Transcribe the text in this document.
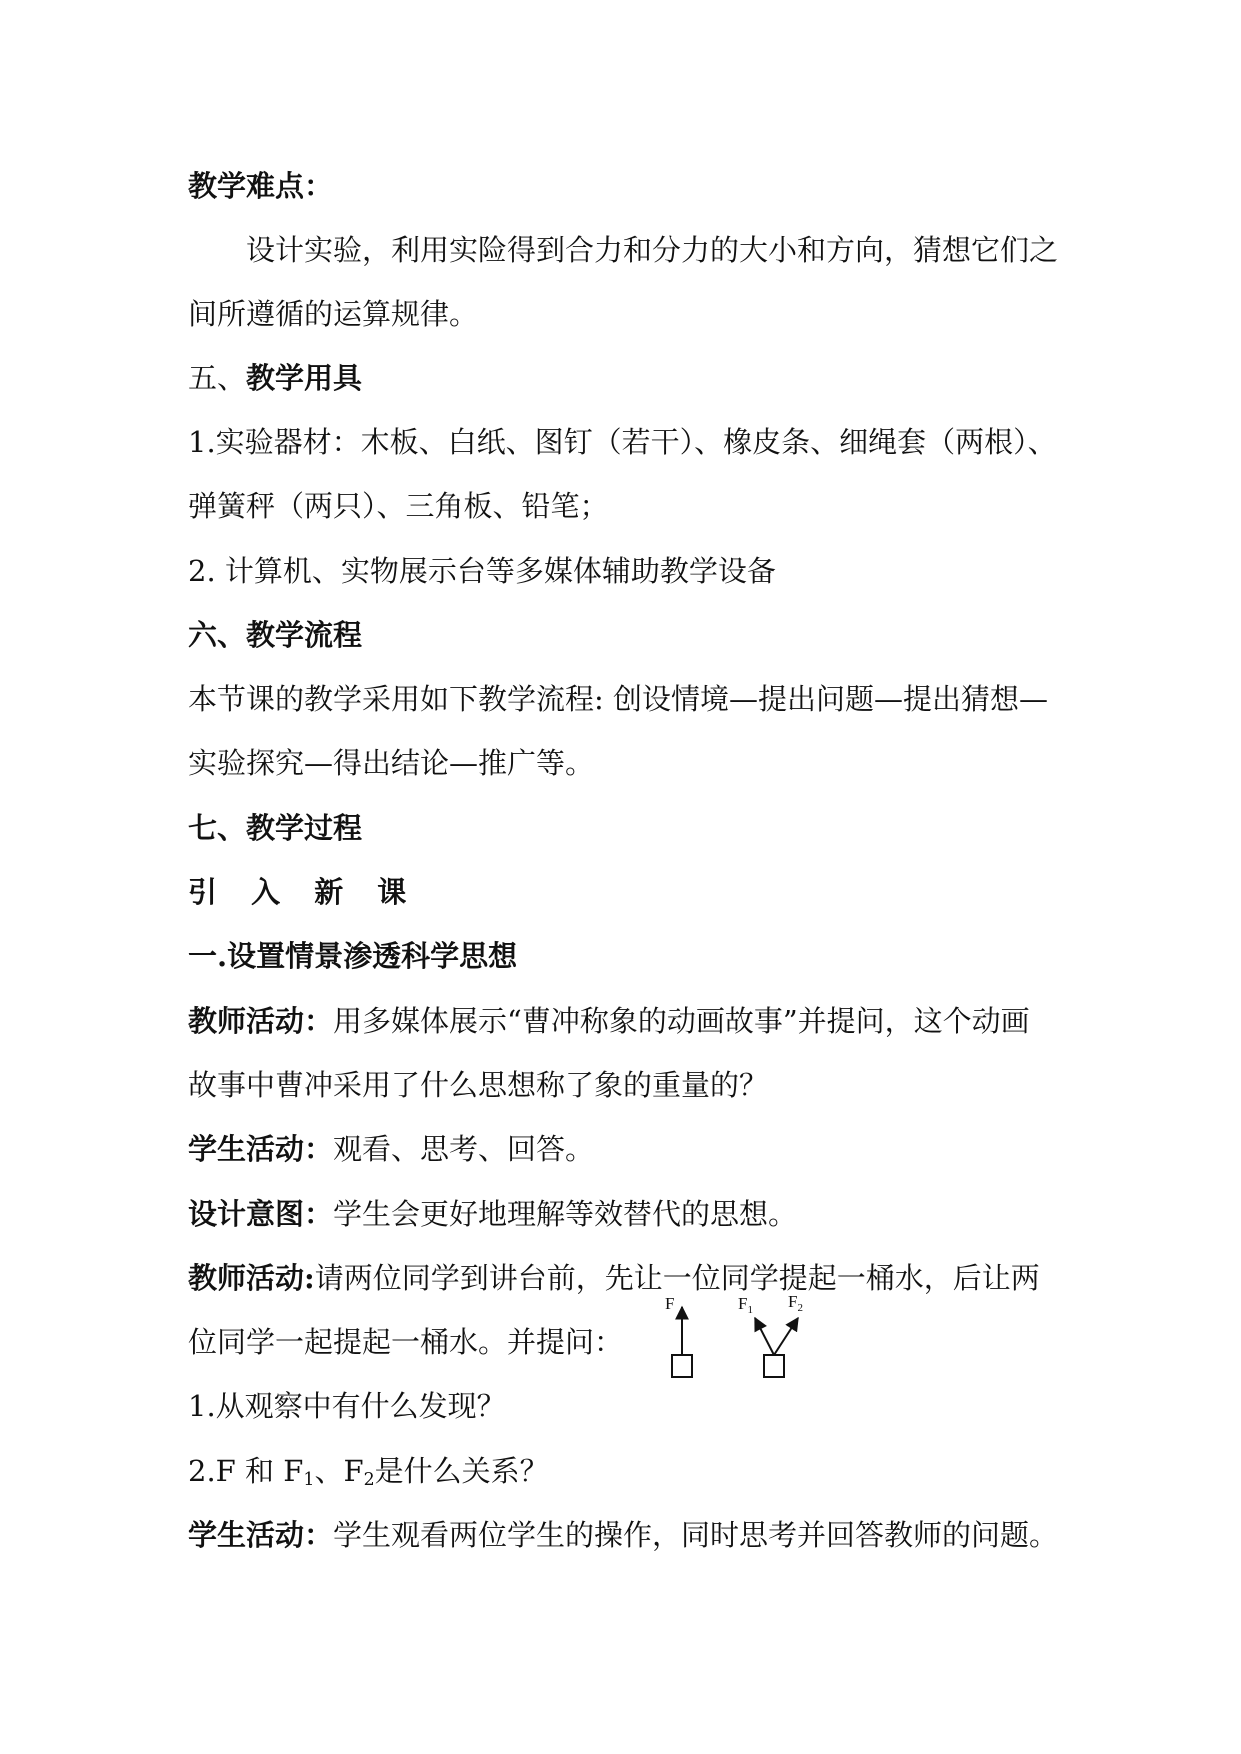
教学难点：

设计实验，利用实险得到合力和分力的大小和方向，猜想它们之

间所遵循的运算规律。

五、教学用具

1.实验器材：木板、白纸、图钉（若干）、橡皮条、细绳套（两根）、

弹簧秤（两只）、三角板、铅笔；

2. 计算机、实物展示台等多媒体辅助教学设备

六、教学流程

本节课的教学采用如下教学流程: 创设情境—提出问题—提出猜想—

实验探究—得出结论—推广等。

七、教学过程

引 入 新 课

一.设置情景渗透科学思想

教师活动：用多媒体展示“曹冲称象的动画故事”并提问，这个动画

故事中曹冲采用了什么思想称了象的重量的？

学生活动：观看、思考、回答。

设计意图：学生会更好地理解等效替代的思想。

教师活动:请两位同学到讲台前，先让一位同学提起一桶水，后让两

位同学一起提起一桶水。并提问：

F	$F_1$ $F_2$

1.从观察中有什么发现？

2.F 和 $F_1$、$F_2$是什么关系？

学生活动：学生观看两位学生的操作，同时思考并回答教师的问题。
